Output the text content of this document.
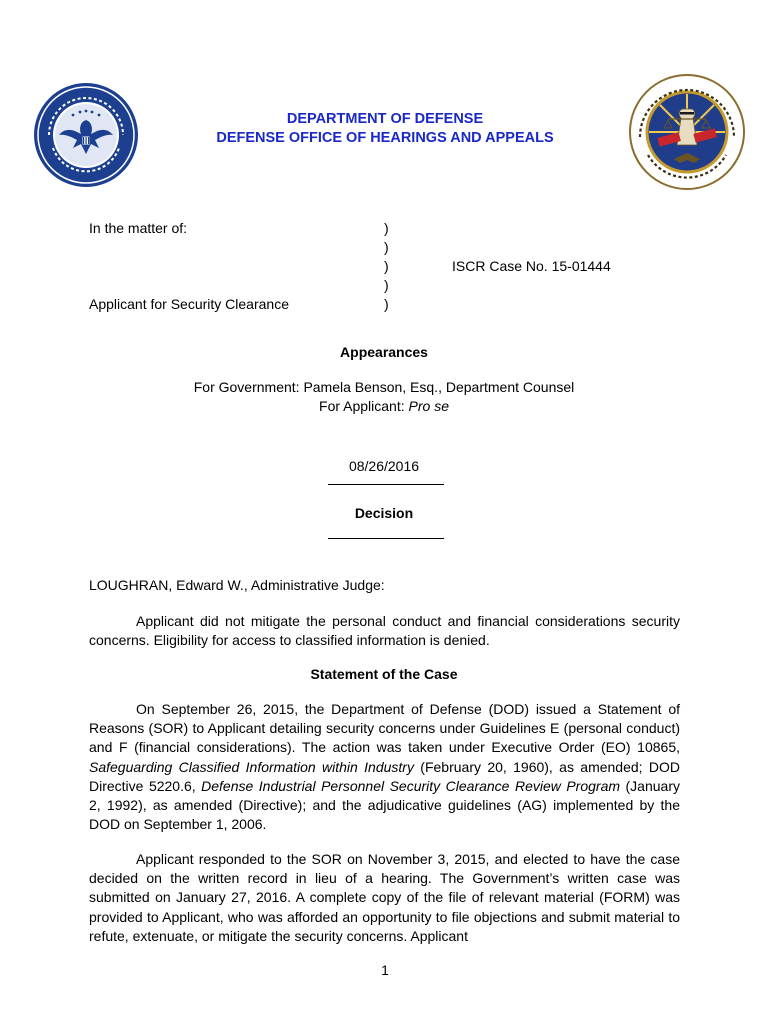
DEPARTMENT OF DEFENSE
DEFENSE OFFICE OF HEARINGS AND APPEALS
In the matter of:
Applicant for Security Clearance
)
)
)
)
)
ISCR Case No. 15-01444
Appearances
For Government: Pamela Benson, Esq., Department Counsel
For Applicant: Pro se
08/26/2016
Decision
LOUGHRAN, Edward W., Administrative Judge:
Applicant did not mitigate the personal conduct and financial considerations security concerns. Eligibility for access to classified information is denied.
Statement of the Case
On September 26, 2015, the Department of Defense (DOD) issued a Statement of Reasons (SOR) to Applicant detailing security concerns under Guidelines E (personal conduct) and F (financial considerations). The action was taken under Executive Order (EO) 10865, Safeguarding Classified Information within Industry (February 20, 1960), as amended; DOD Directive 5220.6, Defense Industrial Personnel Security Clearance Review Program (January 2, 1992), as amended (Directive); and the adjudicative guidelines (AG) implemented by the DOD on September 1, 2006.
Applicant responded to the SOR on November 3, 2015, and elected to have the case decided on the written record in lieu of a hearing. The Government’s written case was submitted on January 27, 2016. A complete copy of the file of relevant material (FORM) was provided to Applicant, who was afforded an opportunity to file objections and submit material to refute, extenuate, or mitigate the security concerns. Applicant
1
